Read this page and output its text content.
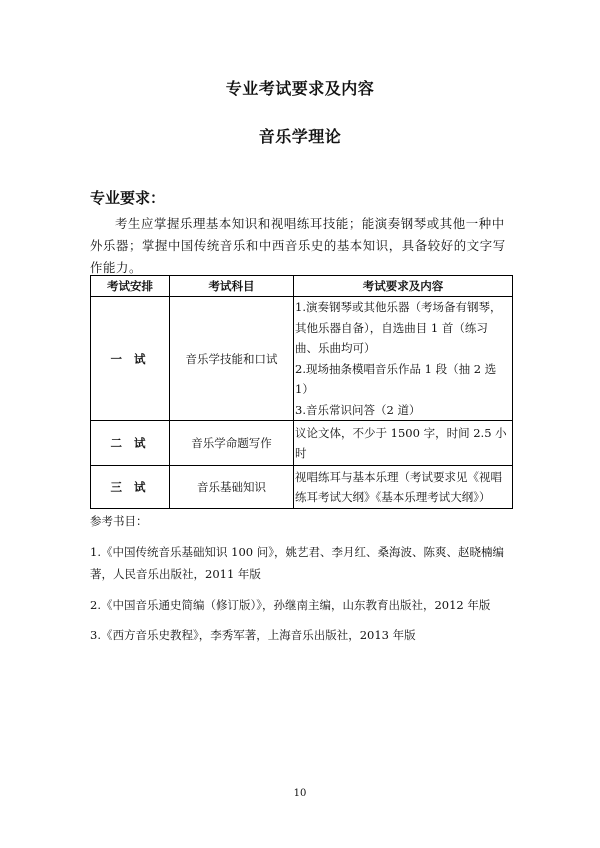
专业考试要求及内容
音乐学理论
专业要求：
考生应掌握乐理基本知识和视唱练耳技能；能演奏钢琴或其他一种中外乐器；掌握中国传统音乐和中西音乐史的基本知识，具备较好的文字写作能力。
考试安排	考试科目	考试要求及内容
一 试	音乐学技能和口试	1.演奏钢琴或其他乐器（考场备有钢琴，其他乐器自备），自选曲目 1 首（练习曲、乐曲均可）
2.现场抽条模唱音乐作品 1 段（抽 2 选 1）
3.音乐常识问答（2 道）

二 试	音乐学命题写作	议论文体，不少于 1500 字，时间 2.5 小时

三 试	音乐基础知识	视唱练耳与基本乐理（考试要求见《视唱练耳考试大纲》《基本乐理考试大纲》）
参考书目：
1.《中国传统音乐基础知识 100 问》，姚艺君、李月红、桑海波、陈爽、赵晓楠编著，人民音乐出版社，2011 年版
2.《中国音乐通史简编（修订版）》，孙继南主编，山东教育出版社，2012 年版
3.《西方音乐史教程》，李秀军著，上海音乐出版社，2013 年版
10
